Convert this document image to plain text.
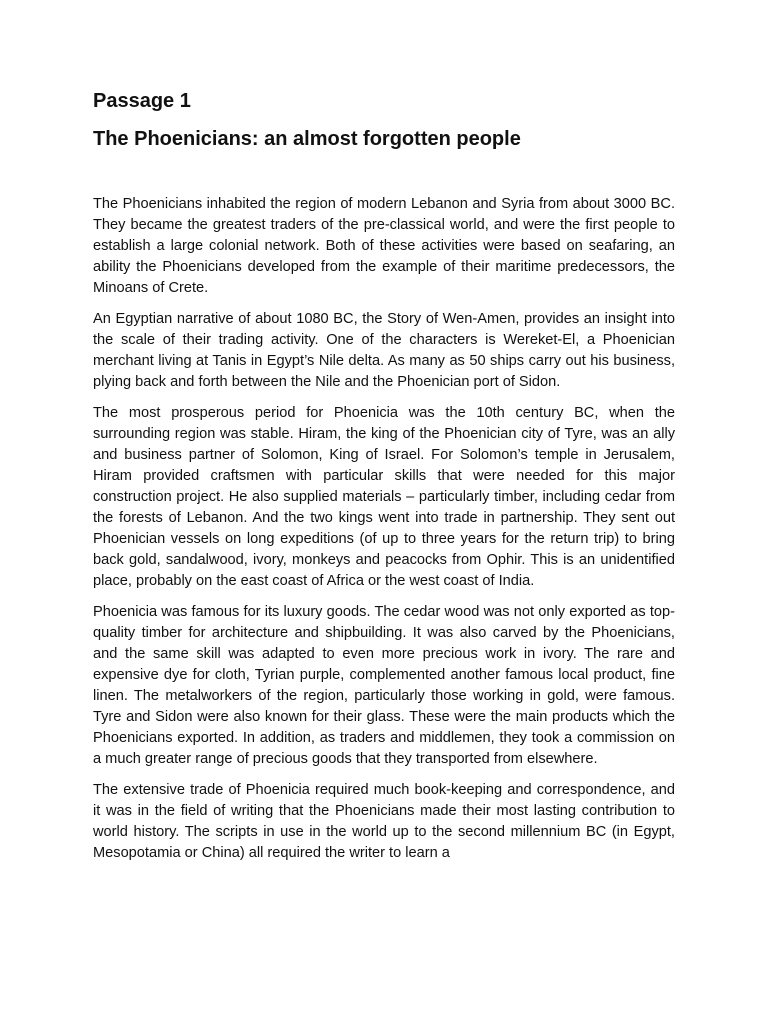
Passage 1
The Phoenicians: an almost forgotten people

The Phoenicians inhabited the region of modern Lebanon and Syria from about 3000 BC. They became the greatest traders of the pre-classical world, and were the first people to establish a large colonial network. Both of these activities were based on seafaring, an ability the Phoenicians developed from the example of their maritime predecessors, the Minoans of Crete.

An Egyptian narrative of about 1080 BC, the Story of Wen-Amen, provides an insight into the scale of their trading activity. One of the characters is Wereket-El, a Phoenician merchant living at Tanis in Egypt’s Nile delta. As many as 50 ships carry out his business, plying back and forth between the Nile and the Phoenician port of Sidon.

The most prosperous period for Phoenicia was the 10th century BC, when the surrounding region was stable. Hiram, the king of the Phoenician city of Tyre, was an ally and business partner of Solomon, King of Israel. For Solomon’s temple in Jerusalem, Hiram provided craftsmen with particular skills that were needed for this major construction project. He also supplied materials – particularly timber, including cedar from the forests of Lebanon. And the two kings went into trade in partnership. They sent out Phoenician vessels on long expeditions (of up to three years for the return trip) to bring back gold, sandalwood, ivory, monkeys and peacocks from Ophir. This is an unidentified place, probably on the east coast of Africa or the west coast of India.

Phoenicia was famous for its luxury goods. The cedar wood was not only exported as top-quality timber for architecture and shipbuilding. It was also carved by the Phoenicians, and the same skill was adapted to even more precious work in ivory. The rare and expensive dye for cloth, Tyrian purple, complemented another famous local product, fine linen. The metalworkers of the region, particularly those working in gold, were famous. Tyre and Sidon were also known for their glass. These were the main products which the Phoenicians exported. In addition, as traders and middlemen, they took a commission on a much greater range of precious goods that they transported from elsewhere.

The extensive trade of Phoenicia required much book-keeping and correspondence, and it was in the field of writing that the Phoenicians made their most lasting contribution to world history. The scripts in use in the world up to the second millennium BC (in Egypt, Mesopotamia or China) all required the writer to learn a
